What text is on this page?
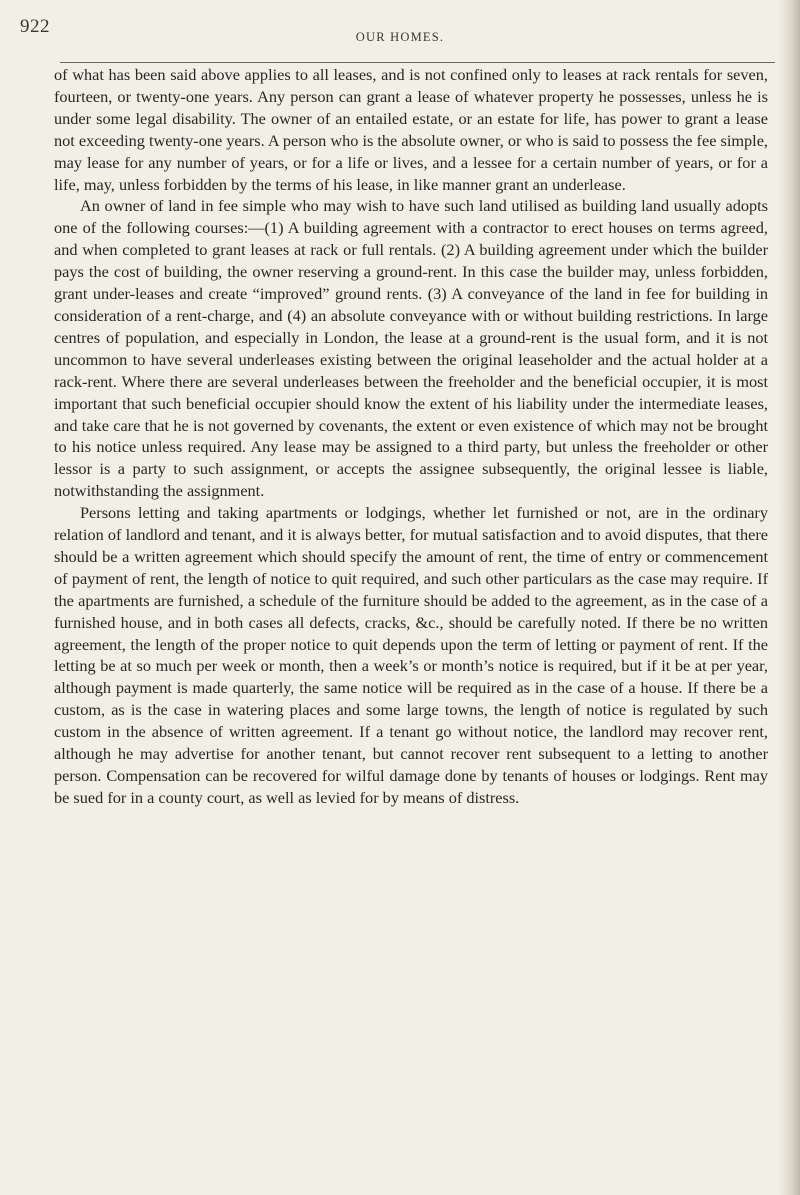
922	OUR HOMES.

of what has been said above applies to all leases, and is not confined only to leases at rack rentals for seven, fourteen, or twenty-one years. Any person can grant a lease of whatever property he possesses, unless he is under some legal disability. The owner of an entailed estate, or an estate for life, has power to grant a lease not exceeding twenty-one years. A person who is the absolute owner, or who is said to possess the fee simple, may lease for any number of years, or for a life or lives, and a lessee for a certain number of years, or for a life, may, unless forbidden by the terms of his lease, in like manner grant an underlease.

An owner of land in fee simple who may wish to have such land utilised as building land usually adopts one of the following courses:—(1) A building agreement with a contractor to erect houses on terms agreed, and when completed to grant leases at rack or full rentals. (2) A building agreement under which the builder pays the cost of building, the owner reserving a ground-rent. In this case the builder may, unless forbidden, grant under-leases and create “improved” ground rents. (3) A conveyance of the land in fee for building in consideration of a rent-charge, and (4) an absolute conveyance with or without building restrictions. In large centres of population, and especially in London, the lease at a ground-rent is the usual form, and it is not uncommon to have several underleases existing between the original leaseholder and the actual holder at a rack-rent. Where there are several underleases between the freeholder and the beneficial occupier, it is most important that such beneficial occupier should know the extent of his liability under the intermediate leases, and take care that he is not governed by covenants, the extent or even existence of which may not be brought to his notice unless required. Any lease may be assigned to a third party, but unless the freeholder or other lessor is a party to such assignment, or accepts the assignee subsequently, the original lessee is liable, notwithstanding the assignment.

Persons letting and taking apartments or lodgings, whether let furnished or not, are in the ordinary relation of landlord and tenant, and it is always better, for mutual satisfaction and to avoid disputes, that there should be a written agreement which should specify the amount of rent, the time of entry or commencement of payment of rent, the length of notice to quit required, and such other particulars as the case may require. If the apartments are furnished, a schedule of the furniture should be added to the agreement, as in the case of a furnished house, and in both cases all defects, cracks, &c., should be carefully noted. If there be no written agreement, the length of the proper notice to quit depends upon the term of letting or payment of rent. If the letting be at so much per week or month, then a week’s or month’s notice is required, but if it be at per year, although payment is made quarterly, the same notice will be required as in the case of a house. If there be a custom, as is the case in watering places and some large towns, the length of notice is regulated by such custom in the absence of written agreement. If a tenant go without notice, the landlord may recover rent, although he may advertise for another tenant, but cannot recover rent subsequent to a letting to another person. Compensation can be recovered for wilful damage done by tenants of houses or lodgings. Rent may be sued for in a county court, as well as levied for by means of distress.
